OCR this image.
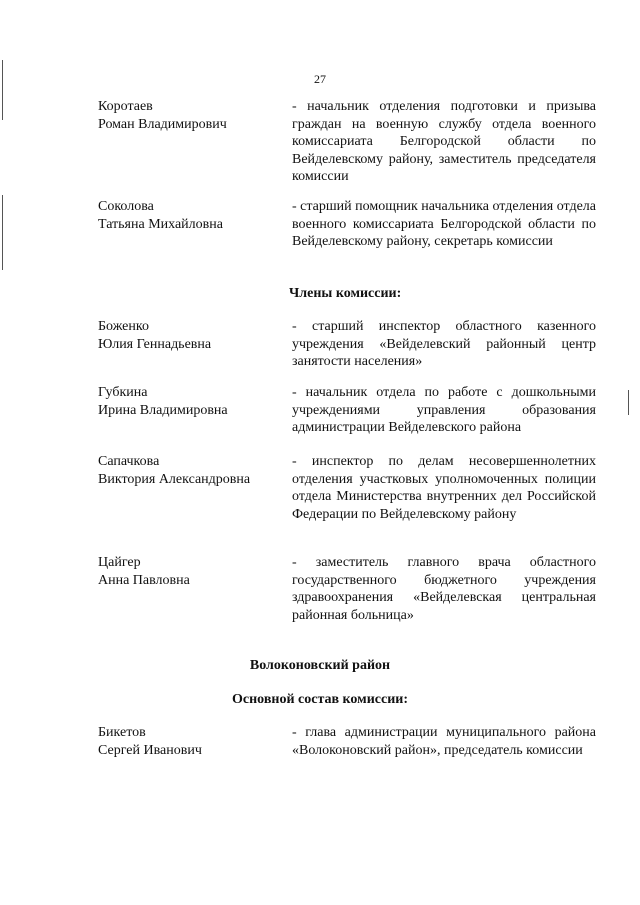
27
Коротаев
Роман Владимирович
- начальник отделения подготовки и призыва граждан на военную службу отдела военного комиссариата Белгородской области по Вейделевскому району, заместитель председателя комиссии
Соколова
Татьяна Михайловна
- старший помощник начальника отделения отдела военного комиссариата Белгородской области по Вейделевскому району, секретарь комиссии
Члены комиссии:
Боженко
Юлия Геннадьевна
- старший инспектор областного казенного учреждения «Вейделевский районный центр занятости населения»
Губкина
Ирина Владимировна
- начальник отдела по работе с дошкольными учреждениями управления образования администрации Вейделевского района
Сапачкова
Виктория Александровна
- инспектор по делам несовершеннолетних отделения участковых уполномоченных полиции отдела Министерства внутренних дел Российской Федерации по Вейделевскому району
Цайгер
Анна Павловна
- заместитель главного врача областного государственного бюджетного учреждения здравоохранения «Вейделевская центральная районная больница»
Волоконовский район
Основной состав комиссии:
Бикетов
Сергей Иванович
- глава администрации муниципального района «Волоконовский район», председатель комиссии
